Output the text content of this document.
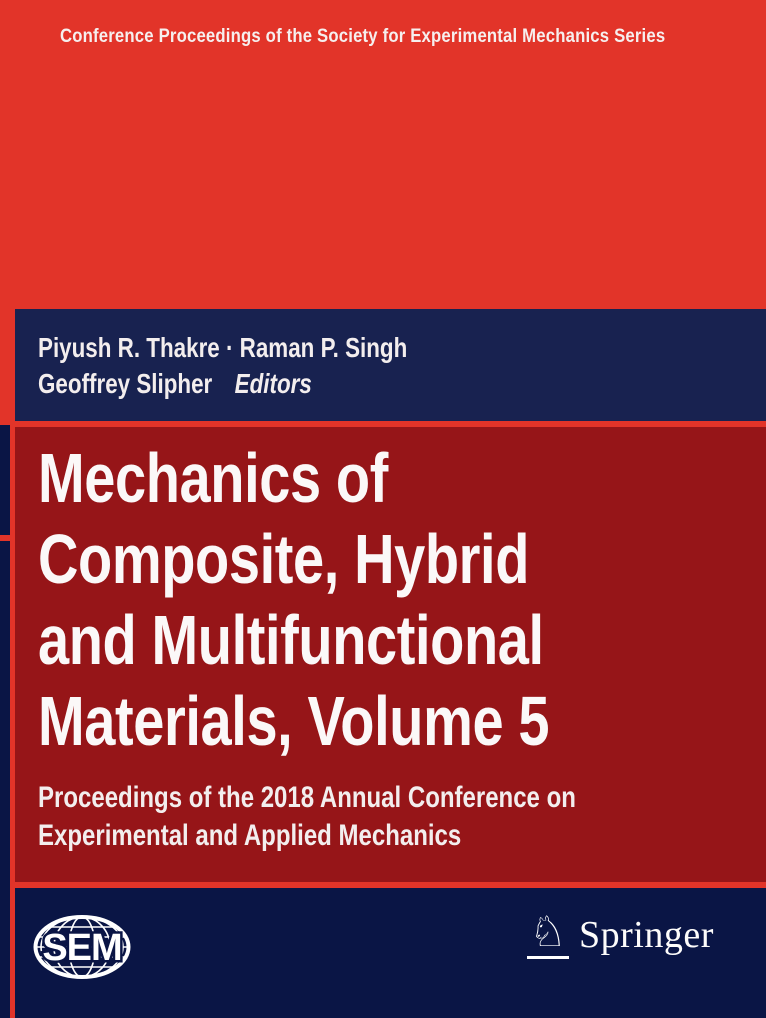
Conference Proceedings of the Society for Experimental Mechanics Series
Piyush R. Thakre · Raman P. Singh
Geoffrey Slipher Editors
Mechanics of
Composite, Hybrid
and Multifunctional
Materials, Volume 5
Proceedings of the 2018 Annual Conference on
Experimental and Applied Mechanics
SEM	♘ Springer
